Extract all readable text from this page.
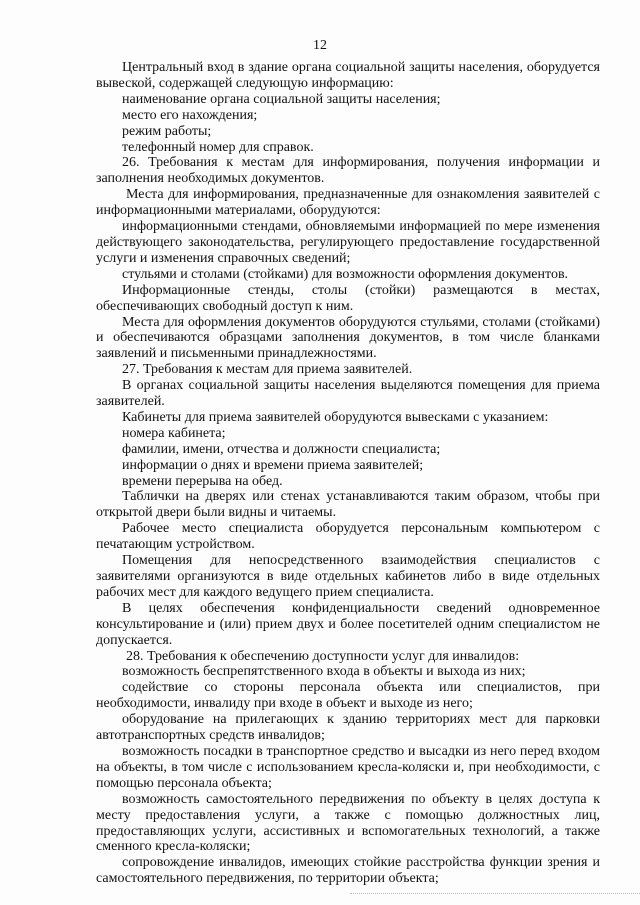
12

Центральный вход в здание органа социальной защиты населения, оборудуется вывеской, содержащей следующую информацию:

наименование органа социальной защиты населения;

место его нахождения;

режим работы;

телефонный номер для справок.

26. Требования к местам для информирования, получения информации и заполнения необходимых документов.

Места для информирования, предназначенные для ознакомления заявителей с информационными материалами, оборудуются:

информационными стендами, обновляемыми информацией по мере изменения действующего законодательства, регулирующего предоставление государственной услуги и изменения справочных сведений;

стульями и столами (стойками) для возможности оформления документов.

Информационные стенды, столы (стойки) размещаются в местах, обеспечивающих свободный доступ к ним.

Места для оформления документов оборудуются стульями, столами (стойками) и обеспечиваются образцами заполнения документов, в том числе бланками заявлений и письменными принадлежностями.

27. Требования к местам для приема заявителей.

В органах социальной защиты населения выделяются помещения для приема заявителей.

Кабинеты для приема заявителей оборудуются вывесками с указанием:

номера кабинета;

фамилии, имени, отчества и должности специалиста;

информации о днях и времени приема заявителей;

времени перерыва на обед.

Таблички на дверях или стенах устанавливаются таким образом, чтобы при открытой двери были видны и читаемы.

Рабочее место специалиста оборудуется персональным компьютером с печатающим устройством.

Помещения для непосредственного взаимодействия специалистов с заявителями организуются в виде отдельных кабинетов либо в виде отдельных рабочих мест для каждого ведущего прием специалиста.

В целях обеспечения конфиденциальности сведений одновременное консультирование и (или) прием двух и более посетителей одним специалистом не допускается.

28. Требования к обеспечению доступности услуг для инвалидов:

возможность беспрепятственного входа в объекты и выхода из них;

содействие со стороны персонала объекта или специалистов, при необходимости, инвалиду при входе в объект и выходе из него;

оборудование на прилегающих к зданию территориях мест для парковки автотранспортных средств инвалидов;

возможность посадки в транспортное средство и высадки из него перед входом на объекты, в том числе с использованием кресла-коляски и, при необходимости, с помощью персонала объекта;

возможность самостоятельного передвижения по объекту в целях доступа к месту предоставления услуги, а также с помощью должностных лиц, предоставляющих услуги, ассистивных и вспомогательных технологий, а также сменного кресла-коляски;

сопровождение инвалидов, имеющих стойкие расстройства функции зрения и самостоятельного передвижения, по территории объекта;
